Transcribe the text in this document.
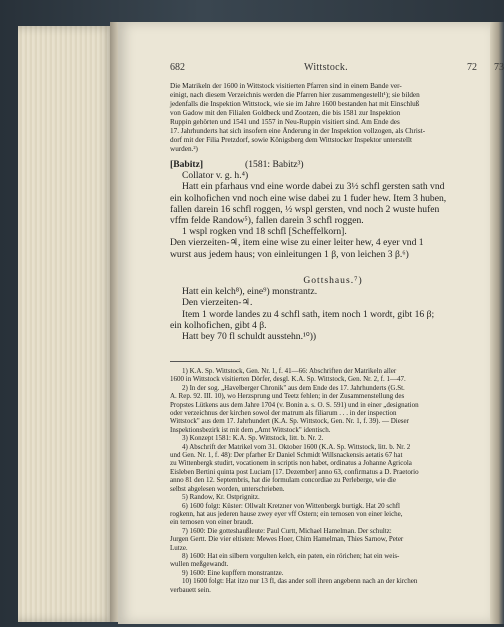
682	Wittstock.	72
Die Matrikeln der 1600 in Wittstock visitierten Pfarren sind in einem Bande ver-
einigt, nach diesem Verzeichnis werden die Pfarren hier zusammengestellt¹); sie bilden
jedenfalls die Inspektion Wittstock, wie sie im Jahre 1600 bestanden hat mit Einschluß
von Gadow mit den Filialen Goldbeck und Zootzen, die bis 1581 zur Inspektion
Ruppin gehörten und 1541 und 1557 in Neu-Ruppin visitiert sind. Am Ende des
17. Jahrhunderts hat sich insofern eine Änderung in der Inspektion vollzogen, als Christ-
dorf mit der Filia Pretzdorf, sowie Königsberg dem Wittstocker Inspektor unterstellt
wurden.²)
[Babitz]	(1581: Babitz³)
Collator v. g. h.⁴)
Hatt ein pfarhaus vnd eine worde dabei zu 3½ schfl gersten sath vnd
ein kolhofichen vnd noch eine wise dabei zu 1 fuder hew. Item 3 huben,
fallen darein 16 schfl roggen, ½ wspl gersten, vnd noch 2 wuste hufen
vffm felde Randow⁵), fallen darein 3 schfl roggen.
1 wspl rogken vnd 18 schfl [Scheffelkorn].
Den vierzeiten-♃, item eine wise zu einer leiter hew, 4 eyer vnd 1
wurst aus jedem haus; von einleitungen 1 β, von leichen 3 β.⁶)
Gottshaus.⁷)
Hatt ein kelch⁸), eine⁹) monstrantz.
Den vierzeiten-♃.
Item 1 worde landes zu 4 schfl sath, item noch 1 wordt, gibt 16 β;
ein kolhofichen, gibt 4 β.
Hatt bey 70 fl schuldt ausstehn.¹⁰))
1) K.A. Sp. Wittstock, Gen. Nr. 1, f. 41—66: Abschriften der Matrikeln aller
1600 in Wittstock visitierten Dörfer, desgl. K.A. Sp. Wittstock, Gen. Nr. 2, f. 1—47.
2) In der sog. „Havelberger Chronik" aus dem Ende des 17. Jahrhunderts (G.St.
A. Rep. 92. III. 10), wo Herzsprung und Teetz fehlen; in der Zusammenstellung des
Propstes Lütkens aus dem Jahre 1704 (v. Bonin a. s. O. S. 591) und in einer „designation
oder verzeichnus der kirchen sowol der matrum als filiarum . . . in der inspection
Wittstock" aus dem 17. Jahrhundert (K.A. Sp. Wittstock, Gen. Nr. 1, f. 39). — Dieser
Inspektionsbezirk ist mit dem „Amt Wittstock" identisch.
3) Konzept 1581: K.A. Sp. Wittstock, litt. b. Nr. 2.
4) Abschrift der Matrikel vom 31. Oktober 1600 (K.A. Sp. Wittstock, litt. b. Nr. 2
und Gen. Nr. 1, f. 48): Der pfarher Er Daniel Schmidt Willsnackensis aetatis 67 hat
zu Wittenbergk studirt, vocationem in scriptis non habet, ordinatus a Johanne Agricola
Eisleben Bertini quinta post Luciam [17. Dezember] anno 63, confirmatus a D. Praetorio
anno 81 den 12. Septembris, hat die formulam concordiae zu Perleberge, wie die
selbst abgelesen worden, unterschrieben.
5) Randow, Kr. Ostprignitz.
6) 1600 folgt: Küster: Ollwalt Kretzner von Wittenbergk burtigk. Hat 20 schfl
rogkenn, hat aus jederen hause zwey eyer vff Ostern; ein ternosen von einer leiche,
ein ternosen von einer braudt.
7) 1600: Die gotteshaußleute: Paul Curtt, Michael Hamelman. Der schultz:
Jurgen Gertt. Die vier eltisten: Mewes Hoer, Chim Hamelman, Thies Sarnow, Peter
Lutze.
8) 1600: Hat ein silbern vorgulten kelch, ein paten, ein rörichen; hat ein weis-
wullen meßgewandt.
9) 1600: Eine kupffern monstrantze.
10) 1600 folgt: Hat itzo nur 13 fl, das ander soll ihren angebenn nach an der kirchen
verbauett sein.
73
